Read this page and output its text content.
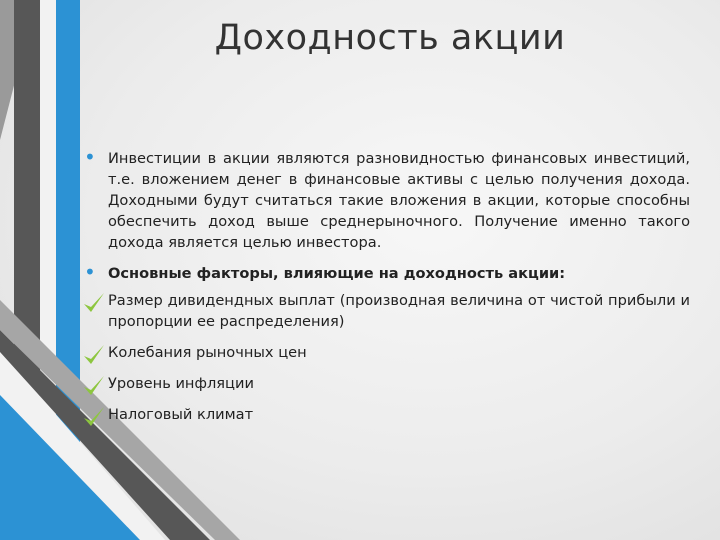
Доходность акции
• Инвестиции в акции являются разновидностью финансовых инвестиций, т.е. вложением денег в финансовые активы с целью получения дохода. Доходными будут считаться такие вложения в акции, которые способны обеспечить доход выше среднерыночного. Получение именно такого дохода является целью инвестора.
• Основные факторы, влияющие на доходность акции:
Размер дивидендных выплат (производная величина от чистой прибыли и пропорции ее распределения)
Колебания рыночных цен
Уровень инфляции
Налоговый климат
